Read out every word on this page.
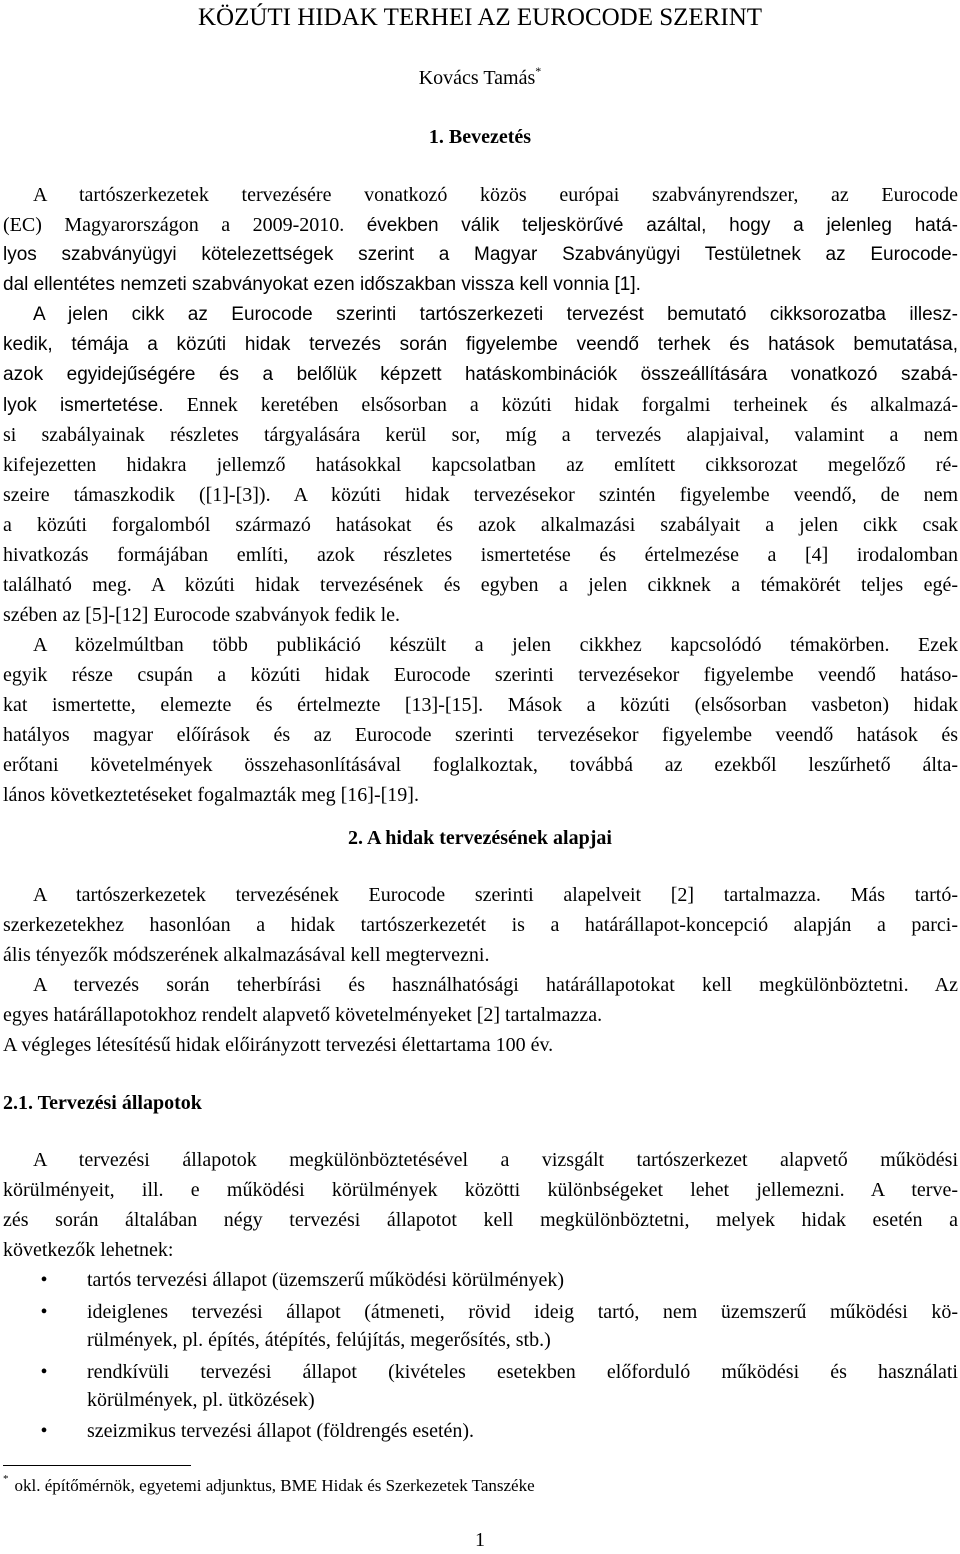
KÖZÚTI HIDAK TERHEI AZ EUROCODE SZERINT
Kovács Tamás*
1. Bevezetés
A tartószerkezetek tervezésére vonatkozó közös európai szabványrendszer, az Eurocode
(EC) Magyarországon a 2009-2010. években válik teljeskörűvé azáltal, hogy a jelenleg hatá-
lyos szabványügyi kötelezettségek szerint a Magyar Szabványügyi Testületnek az Eurocode-
dal ellentétes nemzeti szabványokat ezen időszakban vissza kell vonnia [1].
A jelen cikk az Eurocode szerinti tartószerkezeti tervezést bemutató cikksorozatba illesz-
kedik, témája a közúti hidak tervezés során figyelembe veendő terhek és hatások bemutatása,
azok egyidejűségére és a belőlük képzett hatáskombinációk összeállítására vonatkozó szabá-
lyok ismertetése. Ennek keretében elsősorban a közúti hidak forgalmi terheinek és alkalmazá-
si szabályainak részletes tárgyalására kerül sor, míg a tervezés alapjaival, valamint a nem
kifejezetten hidakra jellemző hatásokkal kapcsolatban az említett cikksorozat megelőző ré-
szeire támaszkodik ([1]-[3]). A közúti hidak tervezésekor szintén figyelembe veendő, de nem
a közúti forgalomból származó hatásokat és azok alkalmazási szabályait a jelen cikk csak
hivatkozás formájában említi, azok részletes ismertetése és értelmezése a [4] irodalomban
található meg. A közúti hidak tervezésének és egyben a jelen cikknek a témakörét teljes egé-
szében az [5]-[12] Eurocode szabványok fedik le.
A közelmúltban több publikáció készült a jelen cikkhez kapcsolódó témakörben. Ezek
egyik része csupán a közúti hidak Eurocode szerinti tervezésekor figyelembe veendő hatáso-
kat ismertette, elemezte és értelmezte [13]-[15]. Mások a közúti (elsősorban vasbeton) hidak
hatályos magyar előírások és az Eurocode szerinti tervezésekor figyelembe veendő hatások és
erőtani követelmények összehasonlításával foglalkoztak, továbbá az ezekből leszűrhető álta-
lános következtetéseket fogalmazták meg [16]-[19].
2. A hidak tervezésének alapjai
A tartószerkezetek tervezésének Eurocode szerinti alapelveit [2] tartalmazza. Más tartó-
szerkezetekhez hasonlóan a hidak tartószerkezetét is a határállapot-koncepció alapján a parci-
ális tényezők módszerének alkalmazásával kell megtervezni.
A tervezés során teherbírási és használhatósági határállapotokat kell megkülönböztetni. Az
egyes határállapotokhoz rendelt alapvető követelményeket [2] tartalmazza.
A végleges létesítésű hidak előirányzott tervezési élettartama 100 év.
2.1. Tervezési állapotok
A tervezési állapotok megkülönböztetésével a vizsgált tartószerkezet alapvető működési
körülményeit, ill. e működési körülmények közötti különbségeket lehet jellemezni. A terve-
zés során általában négy tervezési állapotot kell megkülönböztetni, melyek hidak esetén a
következők lehetnek:
• tartós tervezési állapot (üzemszerű működési körülmények)
• ideiglenes tervezési állapot (átmeneti, rövid ideig tartó, nem üzemszerű működési kö-
rülmények, pl. építés, átépítés, felújítás, megerősítés, stb.)
• rendkívüli tervezési állapot (kivételes esetekben előforduló működési és használati
körülmények, pl. ütközések)
• szeizmikus tervezési állapot (földrengés esetén).
* okl. építőmérnök, egyetemi adjunktus, BME Hidak és Szerkezetek Tanszéke
1
